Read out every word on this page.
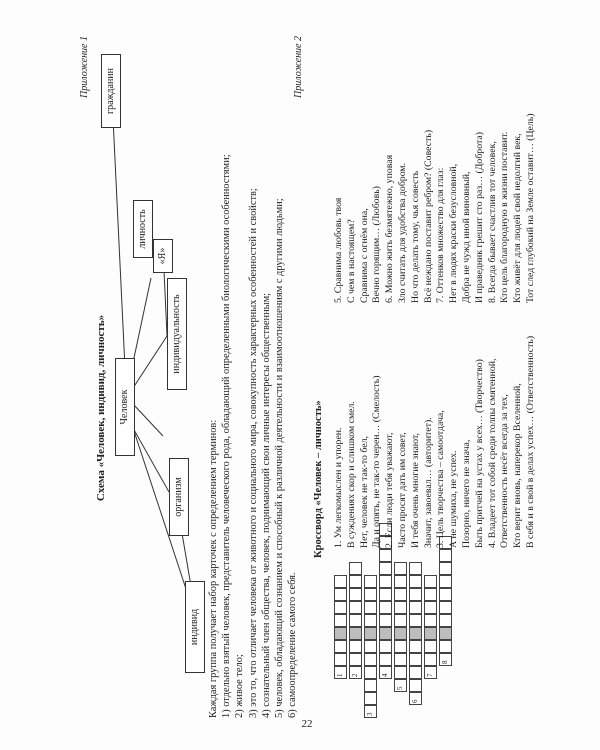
22
Приложение 1	Приложение 2
Схема «Человек, индивид, личность»
индивид
организм
Человек
индивидуальность
«Я»
личность
гражданин
Каждая группа получает набор карточек с определением терминов: 1) отдельно взятый человек, представитель человеческого рода, обладающий определенными биологическими особенностями; 2) живое тело; 3) это то, что отличает человека от животного и социального мира, совокупность характерных особенностей и свойств; 4) сознательный член общества, человек, поднимающий свои личные интересы общественным; 5) человек, обладающий сознанием и способный к различной деятельности и взаимоотношениям с другими людьми; 6) самоопределение самого себя.
Кроссворд «Человек – личность»
1	2
3
4
5
6
7
8
1. Ум легкомыслен и упорен. В суждениях скор и слишком смел. Нет, человек не так-то бел, Да и опять, не так-то черен… (Смелость) 2. Если люди тебя уважают, Часто просят дать им совет, И тебя очень многие знают, Значит, завоевал… (авторитет). 3. Цель творчества – самоотдача, А не шумиха, не успех. Позорно, ничего не значa, Быть притчей на устах у всех… (Творчество) 4. Владеет тот собой среди толпы смятенной, Ответственность несёт всегда за тех, Кто верит вновь, наперекор Вселенной, В себя и в свой в делах успех… (Ответственность)
5. Сравнима любовь твоя С чем в настоящем? Сравнима с огнём она, Вечно горящим… (Любовь) 6. Можно жить безмятежно, уповая Зло считать для удобства добром. Но что делать тому, чья совесть Всё неждано поставит ребром? (Совесть) 7. Оттенков множество для глаз: Нет в людях краски безусловной, Добра не чужд иной виновный, И праведник грешит сто раз… (Доброта) 8. Всегда бывает счастлив тот человек, Кто цель благородную в жизни поставит. Кто живёт для людей свой недолгий век, Тот след глубокий на Земле оставит… (Цель)
